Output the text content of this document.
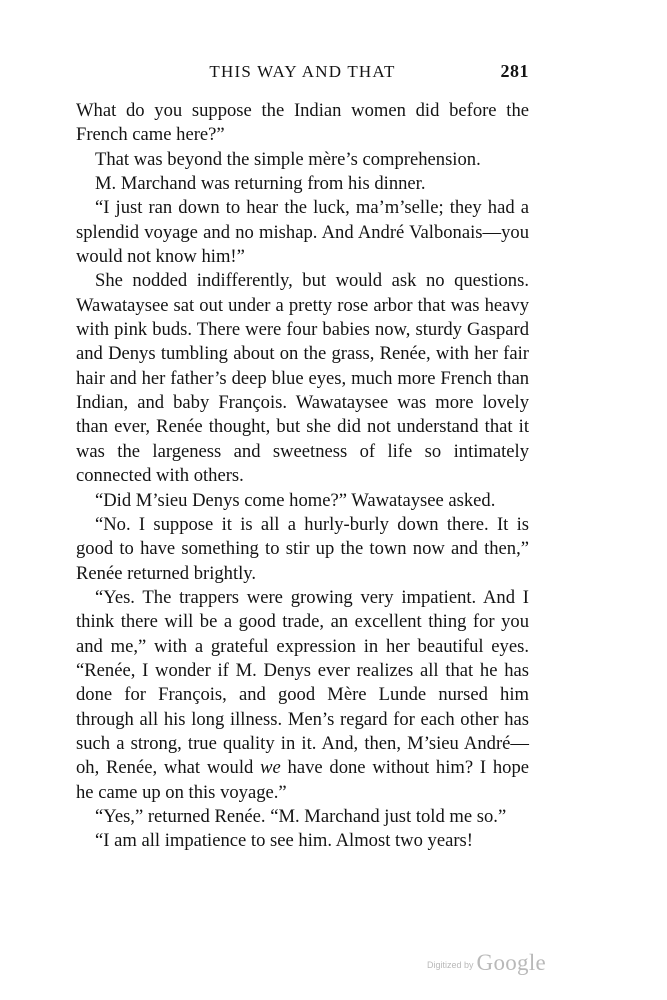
THIS WAY AND THAT	281

What do you suppose the Indian women did before the French came here?”

That was beyond the simple mère’s comprehension.

M. Marchand was returning from his dinner.

“I just ran down to hear the luck, ma’m’selle; they had a splendid voyage and no mishap. And André Valbonais—you would not know him!”

She nodded indifferently, but would ask no questions. Wawataysee sat out under a pretty rose arbor that was heavy with pink buds. There were four babies now, sturdy Gaspard and Denys tumbling about on the grass, Renée, with her fair hair and her father’s deep blue eyes, much more French than Indian, and baby François. Wawataysee was more lovely than ever, Renée thought, but she did not understand that it was the largeness and sweetness of life so intimately connected with others.

“Did M’sieu Denys come home?” Wawataysee asked.

“No. I suppose it is all a hurly-burly down there. It is good to have something to stir up the town now and then,” Renée returned brightly.

“Yes. The trappers were growing very impatient. And I think there will be a good trade, an excellent thing for you and me,” with a grateful expression in her beautiful eyes. “Renée, I wonder if M. Denys ever realizes all that he has done for François, and good Mère Lunde nursed him through all his long illness. Men’s regard for each other has such a strong, true quality in it. And, then, M’sieu André—oh, Renée, what would we have done without him? I hope he came up on this voyage.”

“Yes,” returned Renée. “M. Marchand just told me so.”

“I am all impatience to see him. Almost two years!

Digitized by Google
